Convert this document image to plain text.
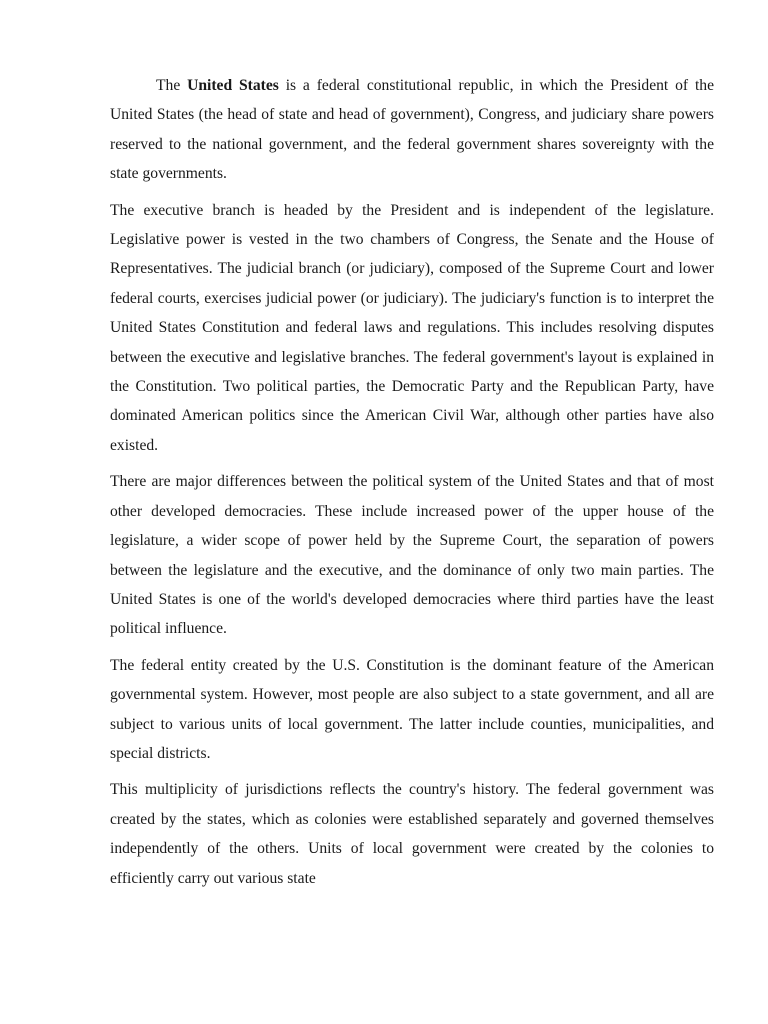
The United States is a federal constitutional republic, in which the President of the United States (the head of state and head of government), Congress, and judiciary share powers reserved to the national government, and the federal government shares sovereignty with the state governments.

The executive branch is headed by the President and is independent of the legislature. Legislative power is vested in the two chambers of Congress, the Senate and the House of Representatives. The judicial branch (or judiciary), composed of the Supreme Court and lower federal courts, exercises judicial power (or judiciary). The judiciary's function is to interpret the United States Constitution and federal laws and regulations. This includes resolving disputes between the executive and legislative branches. The federal government's layout is explained in the Constitution. Two political parties, the Democratic Party and the Republican Party, have dominated American politics since the American Civil War, although other parties have also existed.

There are major differences between the political system of the United States and that of most other developed democracies. These include increased power of the upper house of the legislature, a wider scope of power held by the Supreme Court, the separation of powers between the legislature and the executive, and the dominance of only two main parties. The United States is one of the world's developed democracies where third parties have the least political influence.

The federal entity created by the U.S. Constitution is the dominant feature of the American governmental system. However, most people are also subject to a state government, and all are subject to various units of local government. The latter include counties, municipalities, and special districts.

This multiplicity of jurisdictions reflects the country's history. The federal government was created by the states, which as colonies were established separately and governed themselves independently of the others. Units of local government were created by the colonies to efficiently carry out various state
